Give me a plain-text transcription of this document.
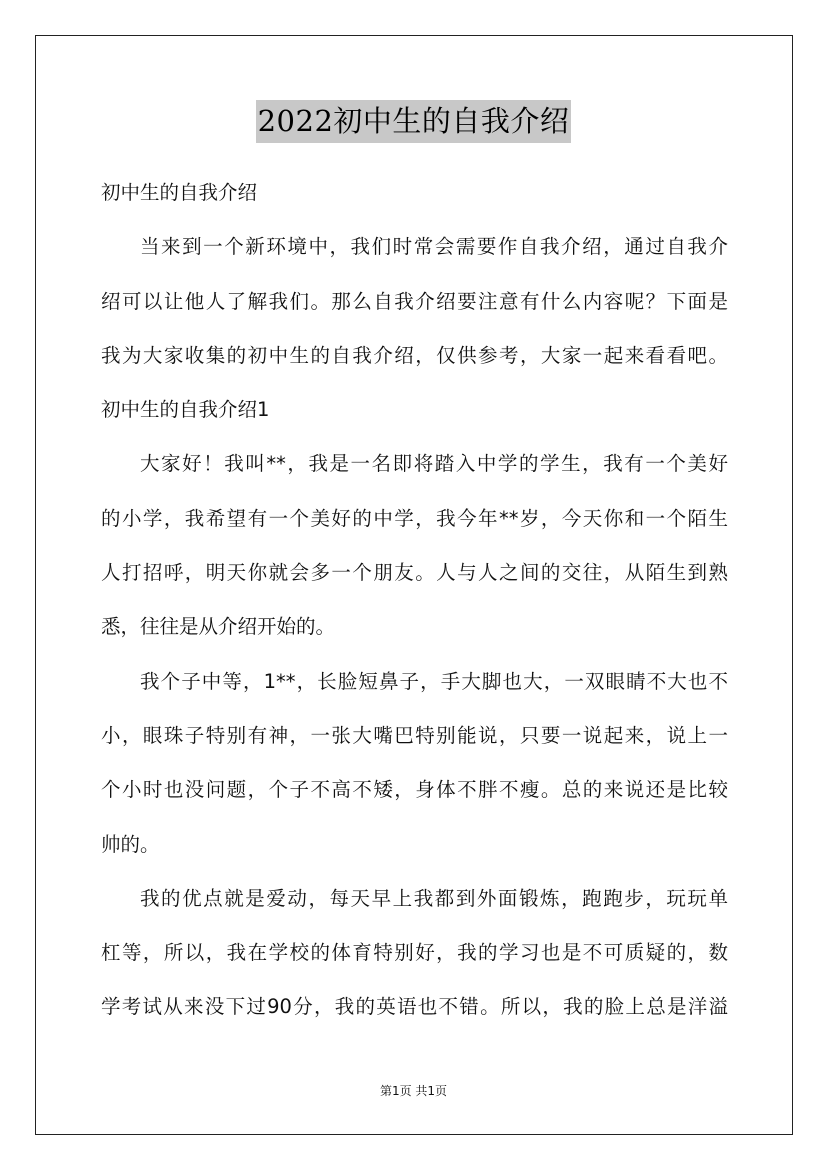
2022初中生的自我介绍
初中生的自我介绍
当来到一个新环境中，我们时常会需要作自我介绍，通过自我介
绍可以让他人了解我们。那么自我介绍要注意有什么内容呢？下面是
我为大家收集的初中生的自我介绍，仅供参考，大家一起来看看吧。
初中生的自我介绍1
大家好！我叫**，我是一名即将踏入中学的学生，我有一个美好
的小学，我希望有一个美好的中学，我今年**岁，今天你和一个陌生
人打招呼，明天你就会多一个朋友。人与人之间的交往，从陌生到熟
悉，往往是从介绍开始的。
我个子中等，1**，长脸短鼻子，手大脚也大，一双眼睛不大也不
小，眼珠子特别有神，一张大嘴巴特别能说，只要一说起来，说上一
个小时也没问题，个子不高不矮，身体不胖不瘦。总的来说还是比较
帅的。
我的优点就是爱动，每天早上我都到外面锻炼，跑跑步，玩玩单
杠等，所以，我在学校的体育特别好，我的学习也是不可质疑的，数
学考试从来没下过90分，我的英语也不错。所以，我的脸上总是洋溢
第1页 共1页
